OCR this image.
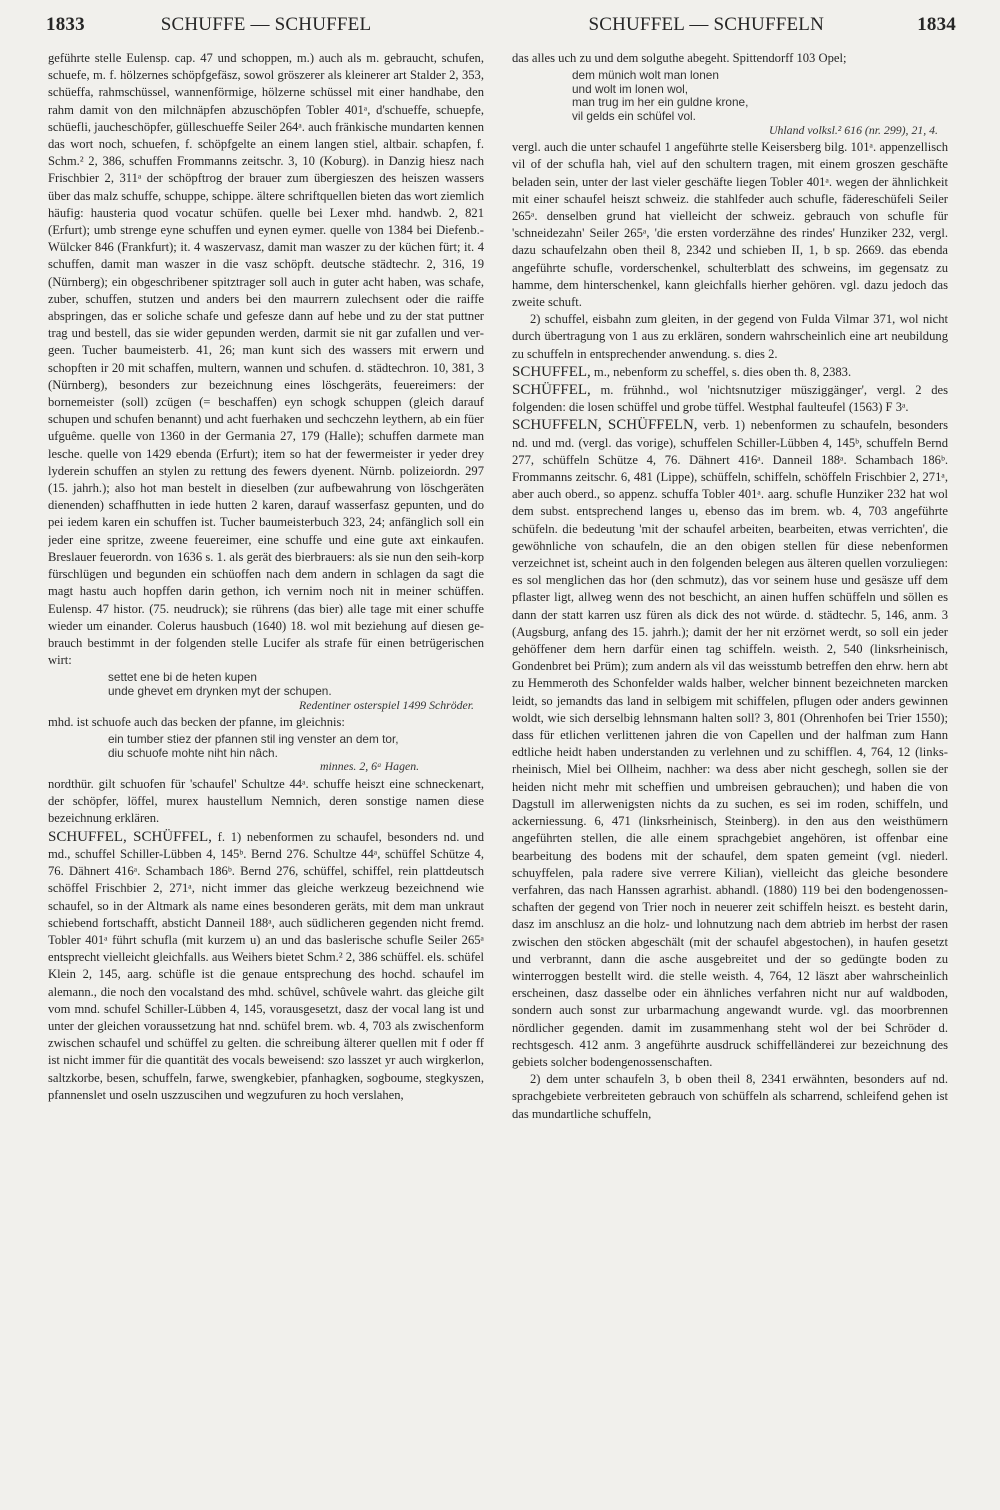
1833	SCHUFFE — SCHUFFEL	SCHUFFEL — SCHUFFELN	1834

geführte stelle Eulensp. cap. 47 und schoppen, m.) auch als m. gebraucht, schufen, schuefe, m. f. hölzernes schöpfgefäsz, sowol gröszerer als kleinerer art Stalder 2, 353, schüeffa, rahmschüssel, wannenförmige, hölzerne schüssel mit einer handhabe, den rahm damit von den milchnäpfen abzuschöpfen Tobler 401ᵃ, d'schueffe, schuepfe, schüefli, jaucheschöpfer, gülleschueffe Seiler 264ᵃ. auch fränkische mundarten kennen das wort noch, schuefen, f. schöpfgelte an einem langen stiel, altbair. schapfen, f. Schm.² 2, 386, schuffen Frommanns zeitschr. 3, 10 (Koburg). in Danzig hiesz nach Frischbier 2, 311ᵃ der schöpftrog der brauer zum übergieszen des heiszen wassers über das malz schuffe, schuppe, schippe. ältere schriftquellen bieten das wort ziemlich häufig: hausteria quod vocatur schüfen. quelle bei Lexer mhd. handwb. 2, 821 (Erfurt); umb strenge eyne schuffen und eynen eymer. quelle von 1384 bei Diefenb.-Wülcker 846 (Frankfurt); it. 4 waszervasz, damit man waszer zu der küchen fürt; it. 4 schuffen, damit man waszer in die vasz schöpft. deutsche städtechr. 2, 316, 19 (Nürnberg); ein obgeschribener spitztrager soll auch in guter acht haben, was schafe, zuber, schuffen, stutzen und anders bei den maurrern zulechsent oder die raiffe abspringen, das er soliche schafe und gefesze dann auf hebe und zu der stat puttner trag und bestell, das sie wider gepunden werden, darmit sie nit gar zufallen und vergeen. Tucher baumeisterb. 41, 26; man kunt sich des wassers mit erwern und schopften ir 20 mit schaffen, multern, wannen und schufen. d. städtechron. 10, 381, 3 (Nürnberg), besonders zur bezeichnung eines löschgeräts, feuereimers: der bornemeister (soll) zcügen (= beschaffen) eyn schogk schuppen (gleich darauf schupen und schufen benannt) und acht fuerhaken und sechczehn leythern, ab ein füer ufguême. quelle von 1360 in der Germania 27, 179 (Halle); schuffen darmete man lesche. quelle von 1429 ebenda (Erfurt); item so hat der fewermeister ir yeder drey lyderein schuffen an stylen zu rettung des fewers dyenent. Nürnb. polizeiordn. 297 (15. jahrh.); also hot man bestelt in dieselben (zur aufbewahrung von löschgeräten dienenden) schaffhutten in iede hutten 2 karen, darauf wasserfasz gepunten, und do pei iedem karen ein schuffen ist. Tucher baumeisterbuch 323, 24; anfänglich soll ein jeder eine spritze, zweene feuereimer, eine schuffe und eine gute axt einkaufen. Breslauer feuerordn. von 1636 s. 1. als gerät des bierbrauers: als sie nun den seih-korp fürschlügen und begunden ein schüoffen nach dem andern in schlagen da sagt die magt hastu auch hopffen darin gethon, ich vernim noch nit in meiner schüffen. Eulensp. 47 histor. (75. neudruck); sie rührens (das bier) alle tage mit einer schuffe wieder um einander. Colerus hausbuch (1640) 18. wol mit beziehung auf diesen gebrauch bestimmt in der folgenden stelle Lucifer als strafe für einen betrügerischen wirt:

settet ene bi de heten kupen
unde ghevet em drynken myt der schupen.
Redentiner osterspiel 1499 Schröder.

mhd. ist schuofe auch das becken der pfanne, im gleichnis:

ein tumber stiez der pfannen stil ing venster an dem tor,
diu schuofe mohte niht hin nâch.
minnes. 2, 6ᵃ Hagen.

nordthür. gilt schuofen für 'schaufel' Schultze 44ᵃ. schuffe heiszt eine schneckenart, der schöpfer, löffel, murex haustellum Nemnich, deren sonstige namen diese bezeichnung erklären.

SCHUFFEL, SCHÜFFEL, f. 1) nebenformen zu schaufel, besonders nd. und md., schuffel Schiller-Lübben 4, 145ᵇ. Bernd 276. Schultze 44ᵃ, schüffel Schütze 4, 76. Dähnert 416ᵃ. Schambach 186ᵇ. Bernd 276, schüffel, schiffel, rein plattdeutsch schöffel Frischbier 2, 271ᵃ, nicht immer das gleiche werkzeug bezeichnend wie schaufel, so in der Altmark als name eines besonderen geräts, mit dem man unkraut schiebend fortschafft, absticht Danneil 188ᵃ, auch südlicheren gegenden nicht fremd. Tobler 401ᵃ führt schufla (mit kurzem u) an und das baslerische schufle Seiler 265ᵃ entsprecht vielleicht gleichfalls. aus Weihers bietet Schm.² 2, 386 schüffel. els. schüfel Klein 2, 145, aarg. schüfle ist die genaue entsprechung des hochd. schaufel im alemann., die noch den vocalstand des mhd. schûvel, schûvele wahrt. das gleiche gilt vom mnd. schufel Schiller-Lübben 4, 145, vorausgesetzt, dasz der vocal lang ist und unter der gleichen voraussetzung hat nnd. schüfel brem. wb. 4, 703 als zwischenform zwischen schaufel und schüffel zu gelten. die schreibung älterer quellen mit f oder ff ist nicht immer für die quantität des vocals beweisend: szo lasszet yr auch wirgkerlon, saltzkorbe, besen, schuffeln, farwe, swengkebier, pfanhagken, sogboume, stegkyszen, pfannenslet und oseln uszzuscihen und wegzufuren zu hoch verslahen,

das alles uch zu und dem solguthe abegeht. Spittendorff 103 Opel;

dem münich wolt man lonen
und wolt im lonen wol,
man trug im her ein guldne krone,
vil gelds ein schüfel vol.
Uhland volksl.² 616 (nr. 299), 21, 4.

vergl. auch die unter schaufel 1 angeführte stelle Keisersberg bilg. 101ᵃ. appenzellisch vil of der schufla hah, viel auf den schultern tragen, mit einem groszen geschäfte beladen sein, unter der last vieler geschäfte liegen Tobler 401ᵃ. wegen der ähnlichkeit mit einer schaufel heiszt schweiz. die stahlfeder auch schufle, fädereschüfeli Seiler 265ᵃ. denselben grund hat vielleicht der schweiz. gebrauch von schufle für 'schneidezahn' Seiler 265ᵃ, 'die ersten vorderzähne des rindes' Hunziker 232, vergl. dazu schaufelzahn oben theil 8, 2342 und schieben II, 1, b sp. 2669. das ebenda angeführte schufle, vorderschenkel, schulterblatt des schweins, im gegensatz zu hamme, dem hinterschenkel, kann gleichfalls hierher gehören. vgl. dazu jedoch das zweite schuft.

2) schuffel, eisbahn zum gleiten, in der gegend von Fulda Vilmar 371, wol nicht durch übertragung von 1 aus zu erklären, sondern wahrscheinlich eine art neubildung zu schuffeln in entsprechender anwendung. s. dies 2.

SCHUFFEL, m., nebenform zu scheffel, s. dies oben th. 8, 2383.

SCHÜFFEL, m. frühnhd., wol 'nichtsnutziger müsziggänger', vergl. 2 des folgenden: die losen schüffel und grobe tüffel. Westphal faulteufel (1563) F 3ᵃ.

SCHUFFELN, SCHÜFFELN, verb. 1) nebenformen zu schaufeln, besonders nd. und md. (vergl. das vorige), schuffelen Schiller-Lübben 4, 145ᵇ, schuffeln Bernd 277, schüffeln Schütze 4, 76. Dähnert 416ᵃ. Danneil 188ᵃ. Schambach 186ᵇ. Frommanns zeitschr. 6, 481 (Lippe), schüffeln, schiffeln, schöffeln Frischbier 2, 271ᵃ, aber auch oberd., so appenz. schuffa Tobler 401ᵃ. aarg. schufle Hunziker 232 hat wol dem subst. entsprechend langes u, ebenso das im brem. wb. 4, 703 angeführte schüfeln. die bedeutung 'mit der schaufel arbeiten, bearbeiten, etwas verrichten', die gewöhnliche von schaufeln, die an den obigen stellen für diese nebenformen verzeichnet ist, scheint auch in den folgenden belegen aus älteren quellen vorzuliegen: es sol menglichen das hor (den schmutz), das vor seinem huse und gesäsze uff dem pflaster ligt, allweg wenn des not beschicht, an ainen huffen schüffeln und söllen es dann der statt karren usz füren als dick des not würde. d. städtechr. 5, 146, anm. 3 (Augsburg, anfang des 15. jahrh.); damit der her nit erzörnet werdt, so soll ein jeder gehöffener dem hern darfür einen tag schiffeln. weisth. 2, 540 (linksrheinisch, Gondenbret bei Prüm); zum andern als vil das weisstumb betreffen den ehrw. hern abt zu Hemmeroth des Schonfelder walds halber, welcher binnent bezeichneten marcken leidt, so jemandts das land in selbigem mit schiffelen, pflugen oder anders gewinnen woldt, wie sich derselbig lehnsmann halten soll? 3, 801 (Ohrenhofen bei Trier 1550); dass für etlichen verlittenen jahren die von Capellen und der halfman zum Hann edtliche heidt haben understanden zu verlehnen und zu schifflen. 4, 764, 12 (linksrheinisch, Miel bei Ollheim, nachher: wa dess aber nicht geschegh, sollen sie der heiden nicht mehr mit scheffien und umbreisen gebrauchen); und haben die von Dagstull im allerwenigsten nichts da zu suchen, es sei im roden, schiffeln, und ackerniessung. 6, 471 (linksrheinisch, Steinberg). in den aus den weisthümern angeführten stellen, die alle einem sprachgebiet angehören, ist offenbar eine bearbeitung des bodens mit der schaufel, dem spaten gemeint (vgl. niederl. schuyffelen, pala radere sive verrere Kilian), vielleicht das gleiche besondere verfahren, das nach Hanssen agrarhist. abhandl. (1880) 119 bei den bodengenossenschaften der gegend von Trier noch in neuerer zeit schiffeln heiszt. es besteht darin, dasz im anschlusz an die holz- und lohnutzung nach dem abtrieb im herbst der rasen zwischen den stöcken abgeschält (mit der schaufel abgestochen), in haufen gesetzt und verbrannt, dann die asche ausgebreitet und der so gedüngte boden zu winterroggen bestellt wird. die stelle weisth. 4, 764, 12 läszt aber wahrscheinlich erscheinen, dasz dasselbe oder ein ähnliches verfahren nicht nur auf waldboden, sondern auch sonst zur urbarmachung angewandt wurde. vgl. das moorbrennen nördlicher gegenden. damit im zusammenhang steht wol der bei Schröder d. rechtsgesch. 412 anm. 3 angeführte ausdruck schiffelländerei zur bezeichnung des gebiets solcher bodengenossenschaften.

2) dem unter schaufeln 3, b oben theil 8, 2341 erwähnten, besonders auf nd. sprachgebiete verbreiteten gebrauch von schüffeln als scharrend, schleifend gehen ist das mundartliche schuffeln,
